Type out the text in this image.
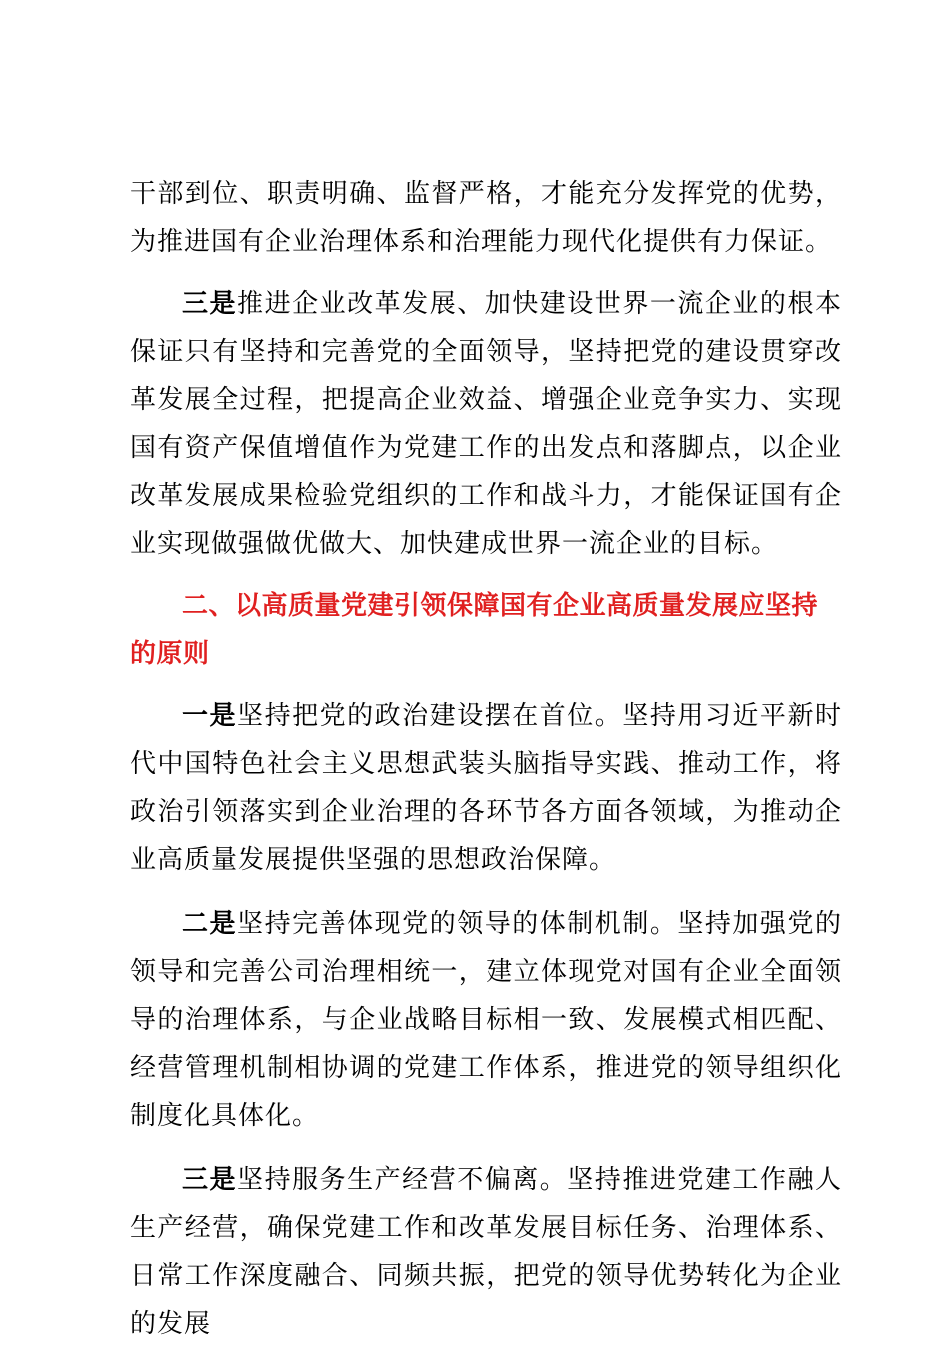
干部到位、职责明确、监督严格，才能充分发挥党的优势，为推进国有企业治理体系和治理能力现代化提供有力保证。

三是推进企业改革发展、加快建设世界一流企业的根本保证只有坚持和完善党的全面领导，坚持把党的建设贯穿改革发展全过程，把提高企业效益、增强企业竞争实力、实现国有资产保值增值作为党建工作的出发点和落脚点，以企业改革发展成果检验党组织的工作和战斗力，才能保证国有企业实现做强做优做大、加快建成世界一流企业的目标。

二、以高质量党建引领保障国有企业高质量发展应坚持的原则

一是坚持把党的政治建设摆在首位。坚持用习近平新时代中国特色社会主义思想武装头脑指导实践、推动工作，将政治引领落实到企业治理的各环节各方面各领域，为推动企业高质量发展提供坚强的思想政治保障。

二是坚持完善体现党的领导的体制机制。坚持加强党的领导和完善公司治理相统一，建立体现党对国有企业全面领导的治理体系，与企业战略目标相一致、发展模式相匹配、经营管理机制相协调的党建工作体系，推进党的领导组织化制度化具体化。

三是坚持服务生产经营不偏离。坚持推进党建工作融人生产经营，确保党建工作和改革发展目标任务、治理体系、日常工作深度融合、同频共振，把党的领导优势转化为企业的发展
